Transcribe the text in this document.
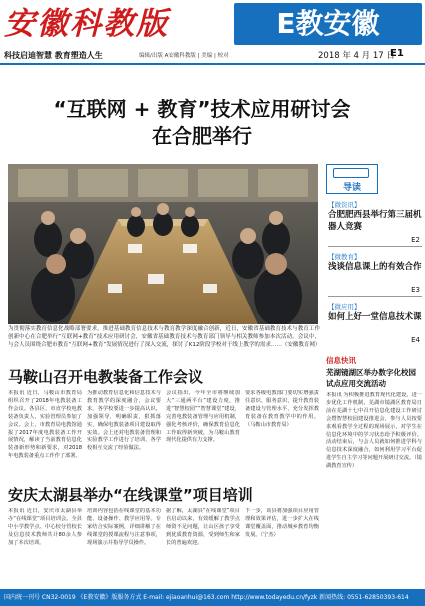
安徽科教版	E教安徽
科技启迪智慧 教育塑造人生	编辑/出版 A安徽科教版 | 美编 | 校对	2018 年 4 月 17 日
E1
“互联网 + 教育”技术应用研讨会
在合肥举行
为贯彻落实教育信息化战略部署要求，推进基础教育信息技术与教育教学深度融合创新，近日，安徽省基础教育技术与教育工作创新中心在合肥举行“互联网+教育”技术应用研讨会，安徽省基础教育技术与教育部门领导与相关教师参加本次活动。会议中，与会人员围绕合肥市教育“互联网+教育”发展情况进行了深入交流，探讨了K12阶段学校对于线上教学的需求……（安徽教育网）
导读
【微资讯】
合肥肥西县举行第三届机器人竞赛
E2
【微教育】
浅谈信息课上的有效合作
E3
【微应用】
如何上好一堂信息技术课
E4
信息快讯
芜湖镜湖区举办数字化校园试点应用交流活动
本报讯 为积极推进教育现代化建设，进一步优化工作机制，芜湖市镜湖区教育局日前在芜湖十七中召开信息化建设工作研讨会暨智慧校园建设推进会，参与人员按要求观看教学全过程的现场展示，对学生在信息化环境中的学习状态给予积极评价。活动结束后，与会人员就如何推进学科与信息技术深度融合，如何利用学习平台促进学生自主学习等问题开展研讨交流。（镜湖教育宣传）
马鞍山召开电教装备工作会议
本报讯 近日，马鞍山市教育局组织召开了2018年电教装备工作会议。各县区、市直学校电教装备负责人、实验管理员参加了会议。会上，市教育局电教馆通报了2017年度电教装备工作开展情况，解读了当前教育信息化装备新形势和新要求，对2018年电教装备重点工作作了部署。
为推动教育信息化和信息技术与教育教学的深度融合，会议要求，各学校要进一步提高认识，加强领导，明确职责，狠抓落实，确保电教装备项目建设取得实效。会上还对电教装备管理和实验教学工作进行了培训，各学校相互交流了经验做法。
会议指出，今年全市将继续加大“三通两平台”建设力度，推进“智慧校园”“智慧课堂”建设，完善电教装备管理与应用机制，强化考核评价，确保教育信息化工作取得新突破，为马鞍山教育现代化提供有力支撑。
要求各级电教部门要切实增强责任意识、服务意识，提升教育装备建设与管理水平，充分发挥教育装备在教育教学中的作用。（马鞍山市教育局）
安庆太湖县举办“在线课堂”项目培训
本报讯 近日，安庆市太湖县举办“在线课堂”项目培训会。全县中小学教学点、中心校分管校长及信息技术教师共计80余人参加了本次培训。
培训内容包括在线课堂的基本功能、设备操作、教学应用等。专家结合实际案例，详细讲解了在线课堂的授课流程与注意事项，现场演示并指导学员操作。
据了解，太湖县“在线课堂”项目自启动以来，有效缓解了教学点师资不足问题，让山区孩子享受到优质教育资源，受到师生和家长的普遍欢迎。
下一步，该县将加强项目应用管理和效果评估，进一步扩大在线课堂覆盖面，推动城乡教育均衡发展。（宁杰）
国内统一刊号 CN32-0019 《E教安徽》版服务方式 E-mail: ejiaoanhui@163.com http://www.todayedu.cn/fyzk 新闻热线: 0551-62850393-614
